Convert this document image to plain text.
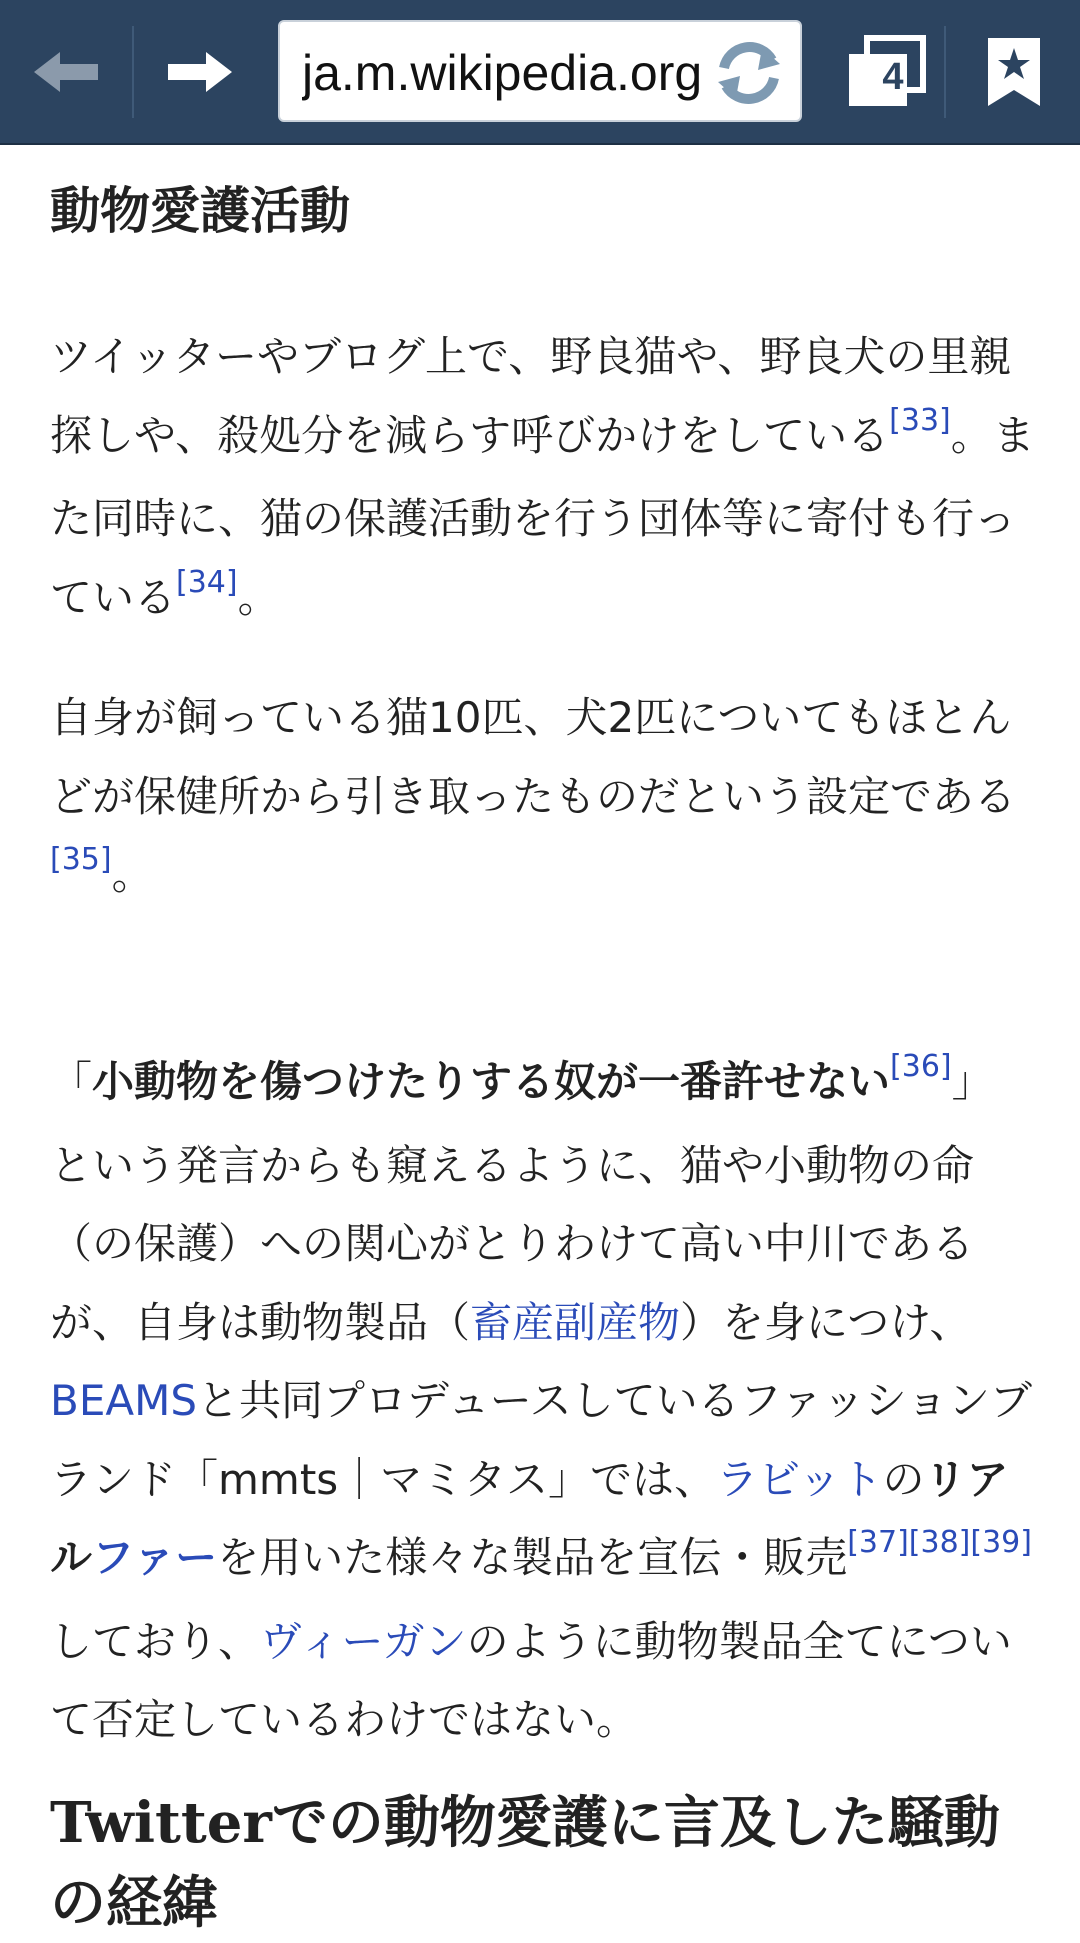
ja.m.wikipedia.org	4
動物愛護活動

ツイッターやブログ上で、野良猫や、野良犬の里親探しや、殺処分を減らす呼びかけをしている[33]。また同時に、猫の保護活動を行う団体等に寄付も行っている[34]。

自身が飼っている猫10匹、犬2匹についてもほとんどが保健所から引き取ったものだという設定である[35]。

「小動物を傷つけたりする奴が一番許せない[36]」という発言からも窺えるように、猫や小動物の命（の保護）への関心がとりわけて高い中川であるが、自身は動物製品（畜産副産物）を身につけ、BEAMSと共同プロデュースしているファッションブランド「mmts｜マミタス」では、ラビットのリアルファーを用いた様々な製品を宣伝・販売[37][38][39]しており、ヴィーガンのように動物製品全てについて否定しているわけではない。

Twitterでの動物愛護に言及した騒動の経緯
